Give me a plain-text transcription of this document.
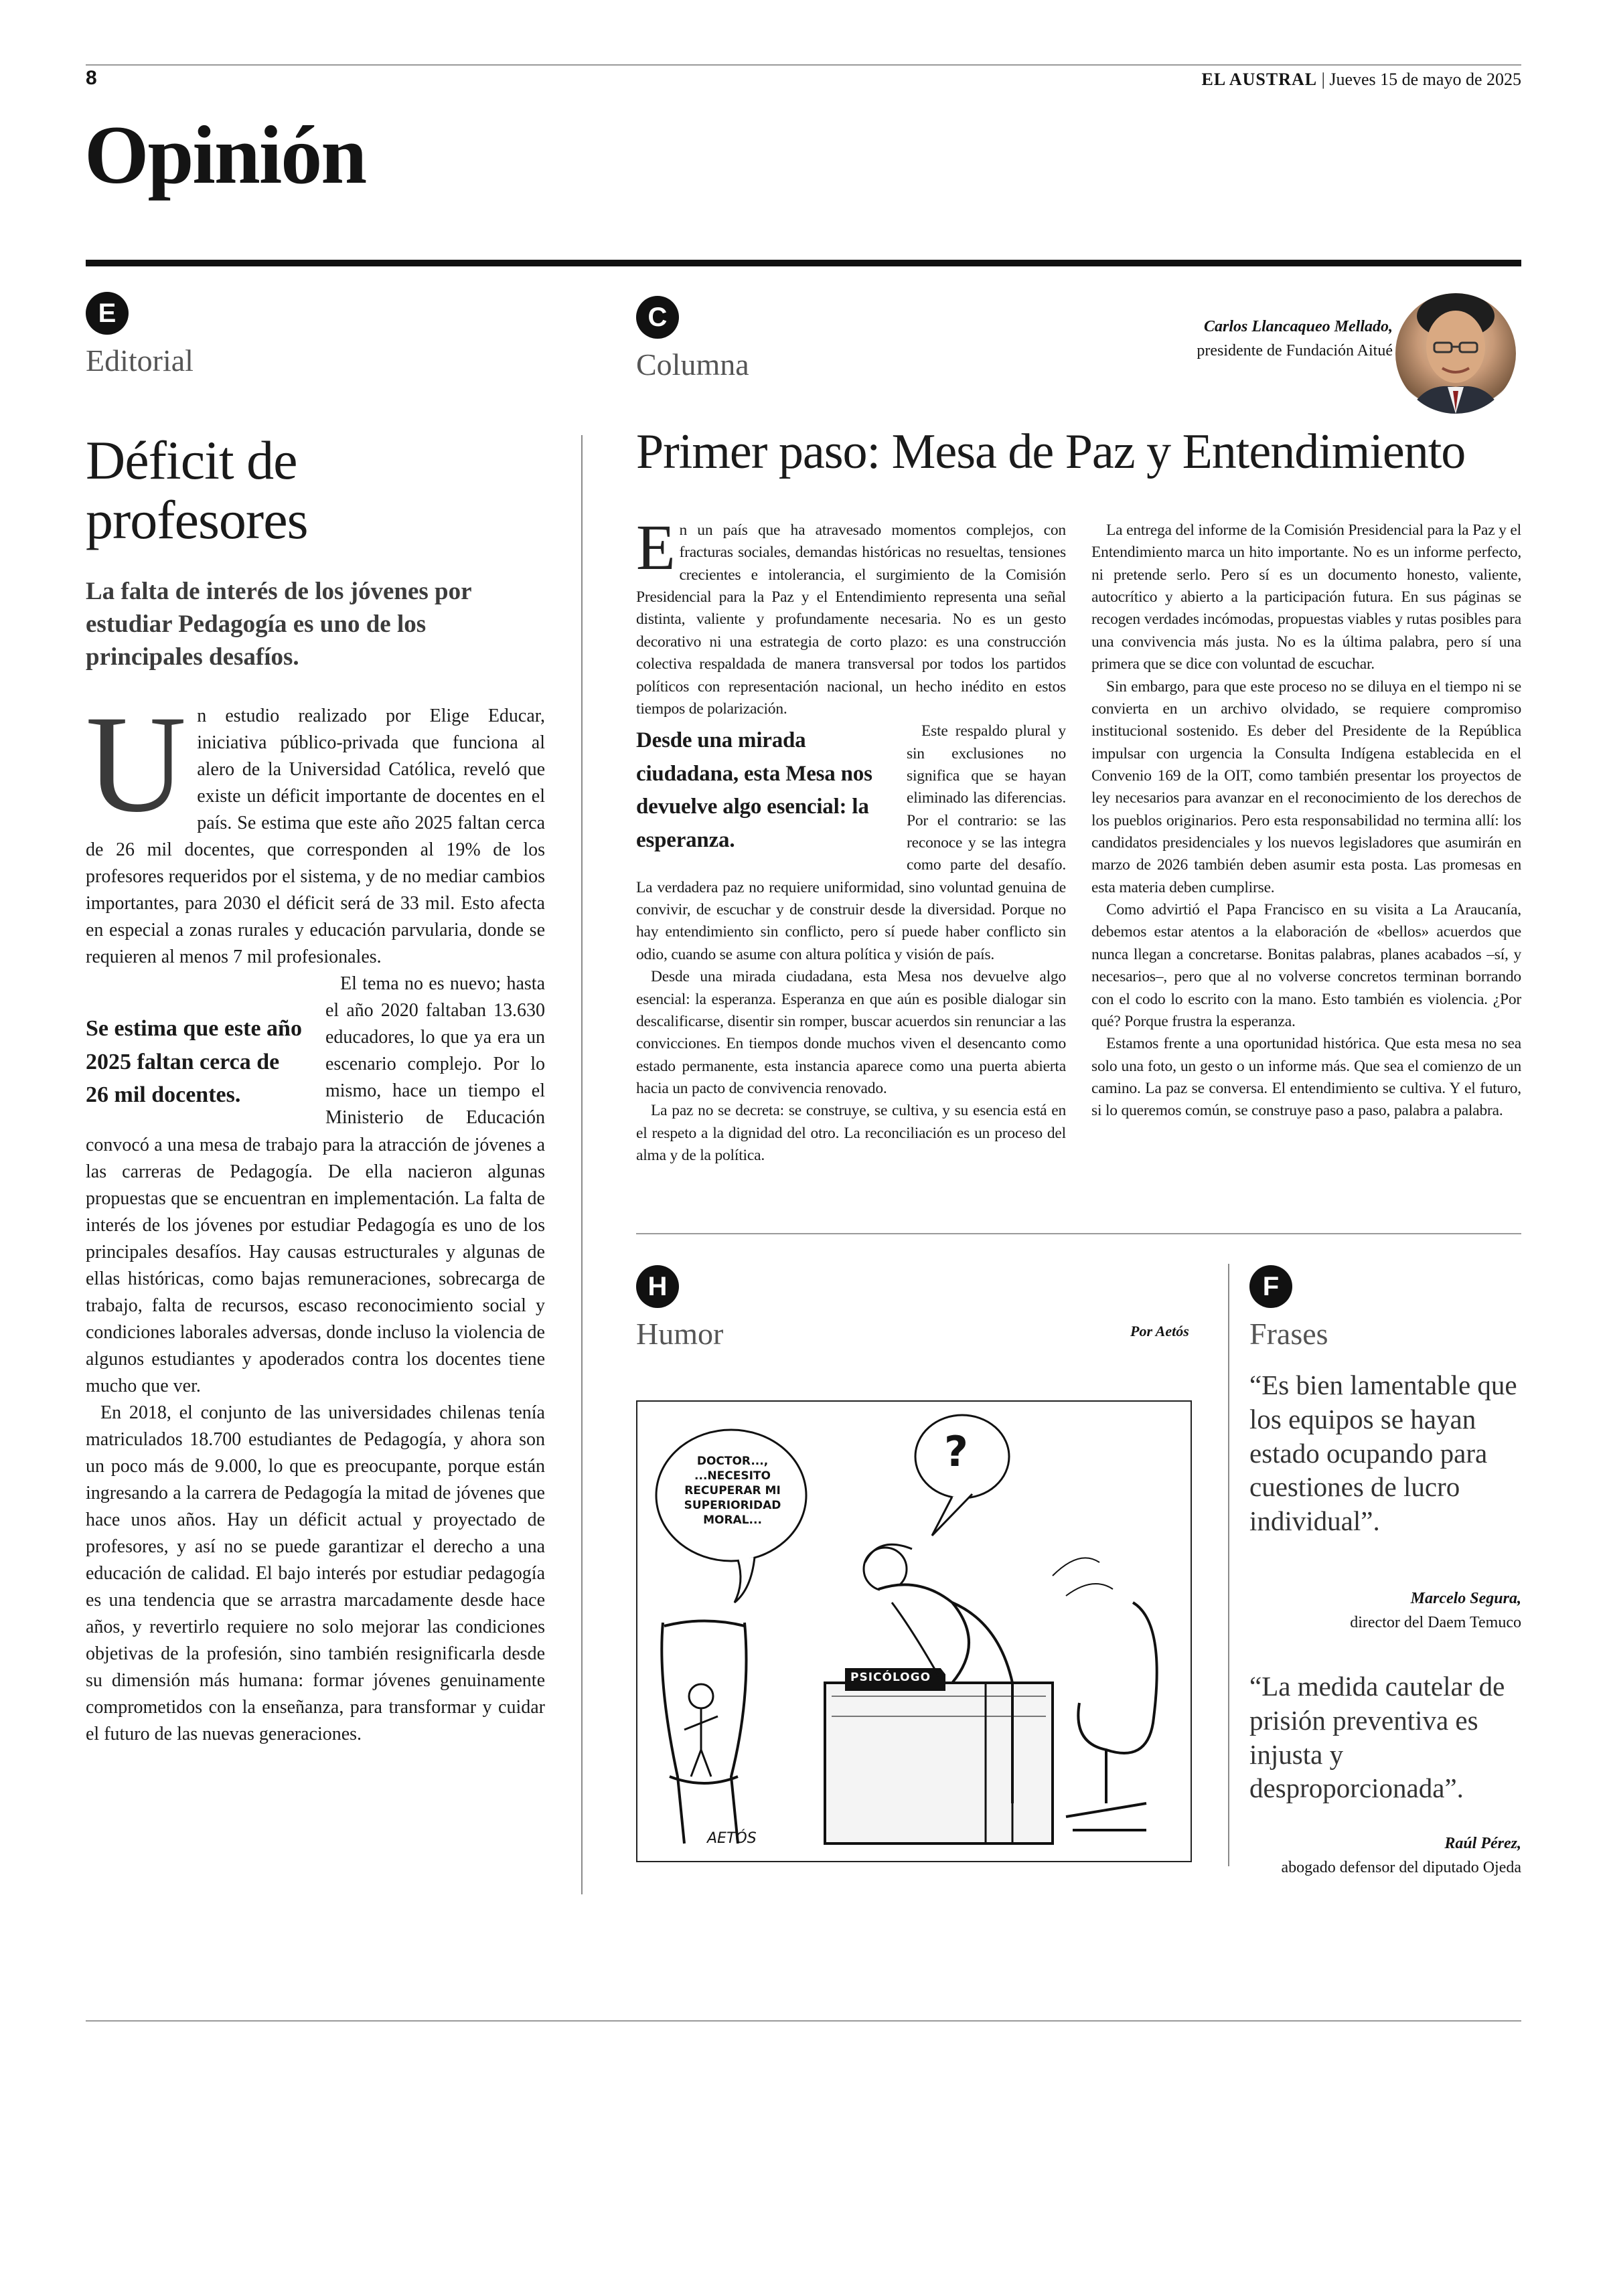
8	EL AUSTRAL | Jueves 15 de mayo de 2025
Opinión
E
Editorial
Déficit de
profesores
La falta de interés de los jóvenes por estudiar Pedagogía es uno de los principales desafíos.

Un estudio realizado por Elige Educar, iniciativa público-privada que funciona al alero de la Universidad Católica, reveló que existe un déficit importante de docentes en el país. Se estima que este año 2025 faltan cerca de 26 mil docentes, que corresponden al 19% de los profesores requeridos por el sistema, y de no mediar cambios importantes, para 2030 el déficit será de 33 mil. Esto afecta en especial a zonas rurales y educación parvularia, donde se requieren al menos 7 mil profesionales.

Se estima que este año 2025 faltan cerca de 26 mil docentes.
El tema no es nuevo; hasta el año 2020 faltaban 13.630 educadores, lo que ya era un escenario complejo. Por lo mismo, hace un tiempo el Ministerio de Educación convocó a una mesa de trabajo para la atracción de jóvenes a las carreras de Pedagogía. De ella nacieron algunas propuestas que se encuentran en implementación. La falta de interés de los jóvenes por estudiar Pedagogía es uno de los principales desafíos. Hay causas estructurales y algunas de ellas históricas, como bajas remuneraciones, sobrecarga de trabajo, falta de recursos, escaso reconocimiento social y condiciones laborales adversas, donde incluso la violencia de algunos estudiantes y apoderados contra los docentes tiene mucho que ver.

En 2018, el conjunto de las universidades chilenas tenía matriculados 18.700 estudiantes de Pedagogía, y ahora son un poco más de 9.000, lo que es preocupante, porque están ingresando a la carrera de Pedagogía la mitad de jóvenes que hace unos años. Hay un déficit actual y proyectado de profesores, y así no se puede garantizar el derecho a una educación de calidad. El bajo interés por estudiar pedagogía es una tendencia que se arrastra marcadamente desde hace años, y revertirlo requiere no solo mejorar las condiciones objetivas de la profesión, sino también resignificarla desde su dimensión más humana: formar jóvenes genuinamente comprometidos con la enseñanza, para transformar y cuidar el futuro de las nuevas generaciones.

C
Columna
Carlos Llancaqueo Mellado,
presidente de Fundación Aitué
Primer paso: Mesa de Paz y Entendimiento

En un país que ha atravesado momentos complejos, con fracturas sociales, demandas históricas no resueltas, tensiones crecientes e intolerancia, el surgimiento de la Comisión Presidencial para la Paz y el Entendimiento representa una señal distinta, valiente y profundamente necesaria. No es un gesto decorativo ni una estrategia de corto plazo: es una construcción colectiva respaldada de manera transversal por todos los partidos políticos con representación nacional, un hecho inédito en estos tiempos de polarización.

Desde una mirada ciudadana, esta Mesa nos devuelve algo esencial: la esperanza.
Este respaldo plural y sin exclusiones no significa que se hayan eliminado las diferencias. Por el contrario: se las reconoce y se las integra como parte del desafío. La verdadera paz no requiere uniformidad, sino voluntad genuina de convivir, de escuchar y de construir desde la diversidad. Porque no hay entendimiento sin conflicto, pero sí puede haber conflicto sin odio, cuando se asume con altura política y visión de país.

Desde una mirada ciudadana, esta Mesa nos devuelve algo esencial: la esperanza. Esperanza en que aún es posible dialogar sin descalificarse, disentir sin romper, buscar acuerdos sin renunciar a las convicciones. En tiempos donde muchos viven el desencanto como estado permanente, esta instancia aparece como una puerta abierta hacia un pacto de convivencia renovado.

La paz no se decreta: se construye, se cultiva, y su esencia está en el respeto a la dignidad del otro. La reconciliación es un proceso del alma y de la política.

La entrega del informe de la Comisión Presidencial para la Paz y el Entendimiento marca un hito importante. No es un informe perfecto, ni pretende serlo. Pero sí es un documento honesto, valiente, autocrítico y abierto a la participación futura. En sus páginas se recogen verdades incómodas, propuestas viables y rutas posibles para una convivencia más justa. No es la última palabra, pero sí una primera que se dice con voluntad de escuchar.

Sin embargo, para que este proceso no se diluya en el tiempo ni se convierta en un archivo olvidado, se requiere compromiso institucional sostenido. Es deber del Presidente de la República impulsar con urgencia la Consulta Indígena establecida en el Convenio 169 de la OIT, como también presentar los proyectos de ley necesarios para avanzar en el reconocimiento de los derechos de los pueblos originarios. Pero esta responsabilidad no termina allí: los candidatos presidenciales y los nuevos legisladores que asumirán en marzo de 2026 también deben asumir esta posta. Las promesas en esta materia deben cumplirse.

Como advirtió el Papa Francisco en su visita a La Araucanía, debemos estar atentos a la elaboración de «bellos» acuerdos que nunca llegan a concretarse. Bonitas palabras, planes acabados –sí, y necesarios–, pero que al no volverse concretos terminan borrando con el codo lo escrito con la mano. Esto también es violencia. ¿Por qué? Porque frustra la esperanza.

Estamos frente a una oportunidad histórica. Que esta mesa no sea solo una foto, un gesto o un informe más. Que sea el comienzo de un camino. La paz se conversa. El entendimiento se cultiva. Y el futuro, si lo queremos común, se construye paso a paso, palabra a palabra.

H
Humor	Por Aetós
DOCTOR...,
...NECESITO
RECUPERAR MI
SUPERIORIDAD
MORAL...
?
PSICÓLOGO
AETÓS
F
Frases
“Es bien lamentable que los equipos se hayan estado ocupando para cuestiones de lucro individual”.
Marcelo Segura,
director del Daem Temuco
“La medida cautelar de prisión preventiva es injusta y desproporcionada”.
Raúl Pérez,
abogado defensor del diputado Ojeda
